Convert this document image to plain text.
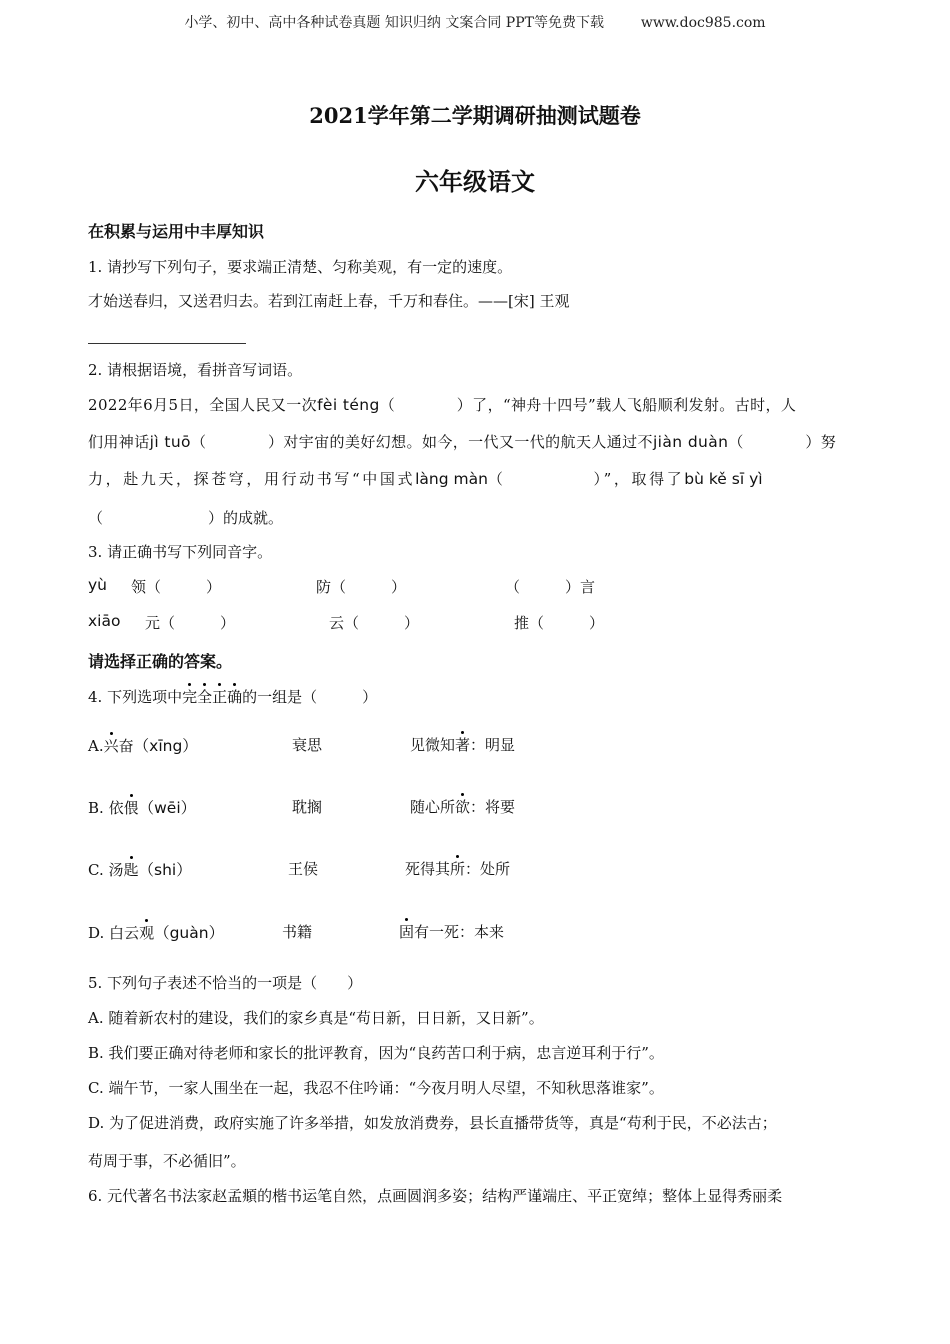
小学、初中、高中各种试卷真题 知识归纳 文案合同 PPT等免费下载	www.doc985.com
2021学年第二学期调研抽测试题卷
六年级语文
在积累与运用中丰厚知识
1. 请抄写下列句子，要求端正清楚、匀称美观，有一定的速度。
才始送春归，又送君归去。若到江南赶上春，千万和春住。——[宋] 王观
2. 请根据语境，看拼音写词语。
2022年6月5日，全国人民又一次fèi téng（　　　　）了，“神舟十四号”载人飞船顺利发射。古时，人
们用神话jì tuō（　　　　）对宇宙的美好幻想。如今，一代又一代的航天人通过不jiàn duàn（　　　　）努
力，赴九天，探苍穹，用行动书写“中国式làng màn（　　　　　）”，取得了bù kě sī yì
（　　　　　　　）的成就。
3. 请正确书写下列同音字。
yù 领（　　　）	防（　　　）	（　　　）言
xiāo 元（　　　）	云（　　　）	推（　　　）
请选择正确的答案。
4. 下列选项中完全正确的一组是（　　　）
A.兴奋（xīng）	衰思	见微知著：明显
B. 依偎（wēi）	耽搁	随心所欲：将要
C. 汤匙（shi）	王侯	死得其所：处所
D. 白云观（guàn）	书籍	固有一死：本来
5. 下列句子表述不恰当的一项是（　　）
A. 随着新农村的建设，我们的家乡真是“苟日新，日日新，又日新”。
B. 我们要正确对待老师和家长的批评教育，因为“良药苦口利于病，忠言逆耳利于行”。
C. 端午节，一家人围坐在一起，我忍不住吟诵：“今夜月明人尽望，不知秋思落谁家”。
D. 为了促进消费，政府实施了许多举措，如发放消费券，县长直播带货等，真是“苟利于民，不必法古；
苟周于事，不必循旧”。
6. 元代著名书法家赵孟頫的楷书运笔自然，点画圆润多姿；结构严谨端庄、平正宽绰；整体上显得秀丽柔
